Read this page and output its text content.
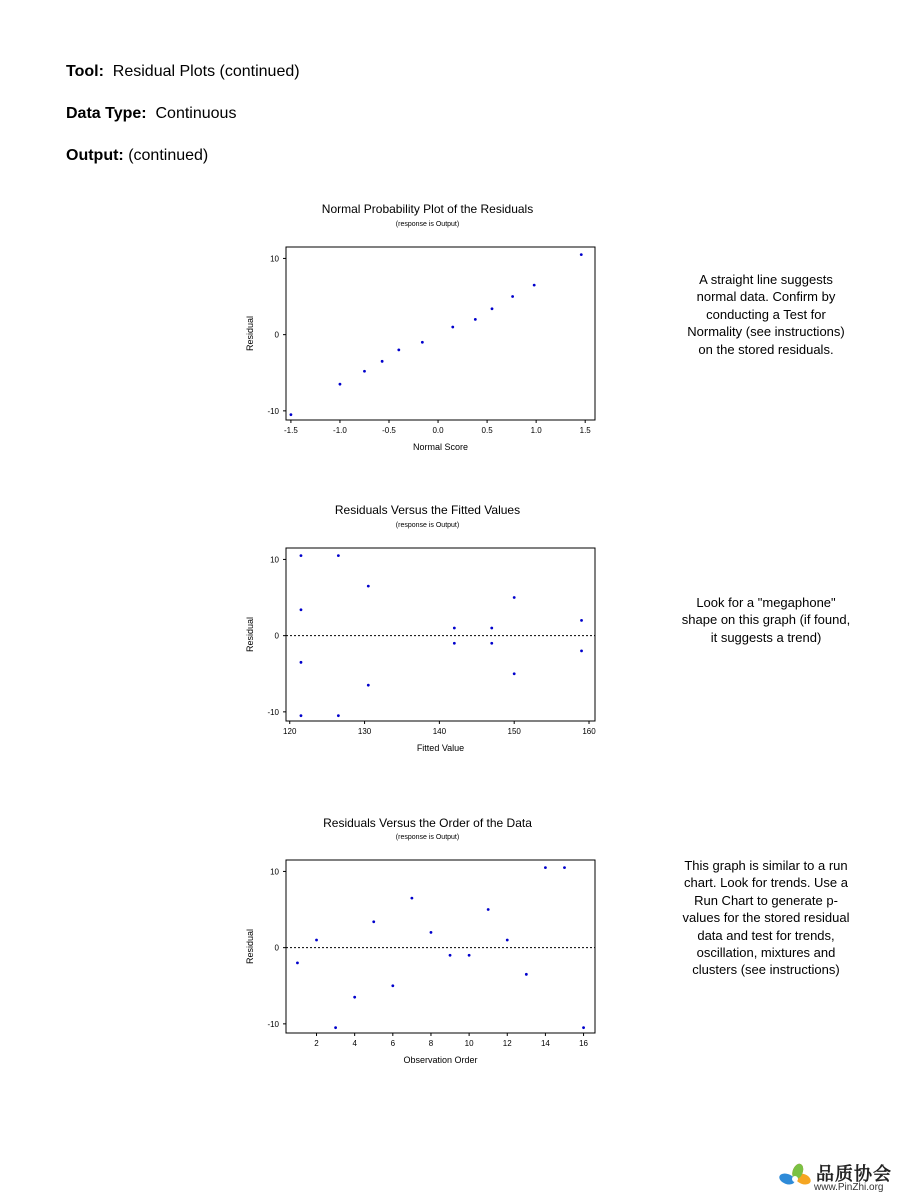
Tool: Residual Plots (continued)
Data Type: Continuous
Output: (continued)
Normal Probability Plot of the Residuals
(response is Output)
-1.5	-1.0	-0.5	0.0	0.5	1.0	1.5
10
0
-10
Normal Score
Residual
A straight line suggests normal data. Confirm by conducting a Test for Normality (see instructions) on the stored residuals.
Residuals Versus the Fitted Values
(response is Output)
120	130	140	150	160
10
0
-10
Fitted Value
Residual
Look for a "megaphone" shape on this graph (if found, it suggests a trend)
Residuals Versus the Order of the Data
(response is Output)
2	4	6	8	10	12	14	16
10
0
-10
Observation Order
Residual
This graph is similar to a run chart. Look for trends. Use a Run Chart to generate p-values for the stored residual data and test for trends, oscillation, mixtures and clusters (see instructions)
品质协会
www.PinZhi.org
